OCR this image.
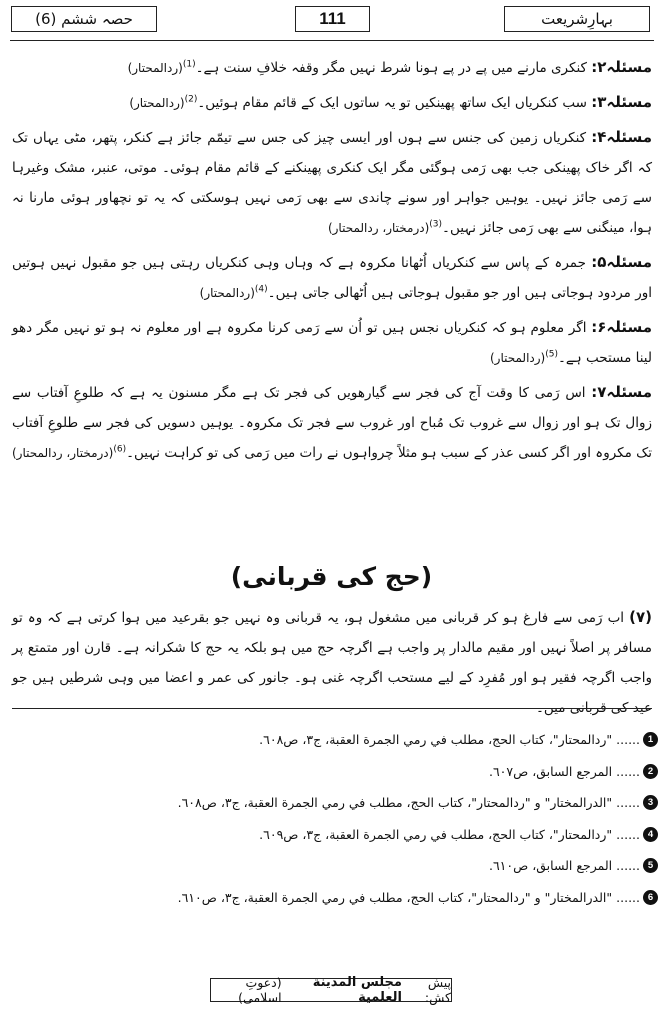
بہارِشریعت
111
حصہ ششم (6)

مسئلہ۲: کنکری مارنے میں پے در پے ہونا شرط نہیں مگر وقفہ خلافِ سنت ہے۔$^{(1)}$(ردالمحتار)

مسئلہ۳: سب کنکریاں ایک ساتھ پھینکیں تو یہ ساتوں ایک کے قائم مقام ہوئیں۔$^{(2)}$(ردالمحتار)

مسئلہ۴: کنکریاں زمین کی جنس سے ہوں اور ایسی چیز کی جس سے تیمّم جائز ہے کنکر، پتھر، مٹی یہاں تک کہ اگر خاک پھینکی جب بھی رَمی ہوگئی مگر ایک کنکری پھینکنے کے قائم مقام ہوئی۔ موتی، عنبر، مشک وغیرہا سے رَمی جائز نہیں۔ یوہیں جواہر اور سونے چاندی سے بھی رَمی نہیں ہوسکتی کہ یہ تو نچھاور ہوئی مارنا نہ ہوا، مینگنی سے بھی رَمی جائز نہیں۔$^{(3)}$(درمختار، ردالمحتار)

مسئلہ۵: جمرہ کے پاس سے کنکریاں اُٹھانا مکروہ ہے کہ وہاں وہی کنکریاں رہتی ہیں جو مقبول نہیں ہوتیں اور مردود ہوجاتی ہیں اور جو مقبول ہوجاتی ہیں اُٹھالی جاتی ہیں۔$^{(4)}$(ردالمحتار)

مسئلہ۶: اگر معلوم ہو کہ کنکریاں نجس ہیں تو اُن سے رَمی کرنا مکروہ ہے اور معلوم نہ ہو تو نہیں مگر دھو لینا مستحب ہے۔$^{(5)}$(ردالمحتار)

مسئلہ۷: اس رَمی کا وقت آج کی فجر سے گیارھویں کی فجر تک ہے مگر مسنون یہ ہے کہ طلوعِ آفتاب سے زوال تک ہو اور زوال سے غروب تک مُباح اور غروب سے فجر تک مکروہ۔ یوہیں دسویں کی فجر سے طلوعِ آفتاب تک مکروہ اور اگر کسی عذر کے سبب ہو مثلاً چرواہوں نے رات میں رَمی کی تو کراہت نہیں۔$^{(6)}$(درمختار، ردالمحتار)

(حج کی قربانی)
(۷) اب رَمی سے فارغ ہو کر قربانی میں مشغول ہو، یہ قربانی وہ نہیں جو بقرعید میں ہوا کرتی ہے کہ وہ تو مسافر پر اصلاً نہیں اور مقیم مالدار پر واجب ہے اگرچہ حج میں ہو بلکہ یہ حج کا شکرانہ ہے۔ قارن اور متمتع پر واجب اگرچہ فقیر ہو اور مُفرِد کے لیے مستحب اگرچہ غنی ہو۔ جانور کی عمر و اعضا میں وہی شرطیں ہیں جو عید کی قربانی میں۔
1
......
"ردالمحتار"، كتاب الحج، مطلب في رمي الجمرة العقبة، ج٣، ص٦٠٨.
2
......
المرجع السابق، ص٦٠٧.
3
......
"الدرالمختار" و "ردالمحتار"، كتاب الحج، مطلب في رمي الجمرة العقبة، ج٣، ص٦٠٨.
4
......
"ردالمحتار"، كتاب الحج، مطلب في رمي الجمرة العقبة، ج٣، ص٦٠٩.
5
......
المرجع السابق، ص٦١٠.
6
......
"الدرالمختار" و "ردالمحتار"، كتاب الحج، مطلب في رمي الجمرة العقبة، ج٣، ص٦١٠.
پیش کش:
مجلس المدينة العلمية
(دعوتِ اسلامی)
